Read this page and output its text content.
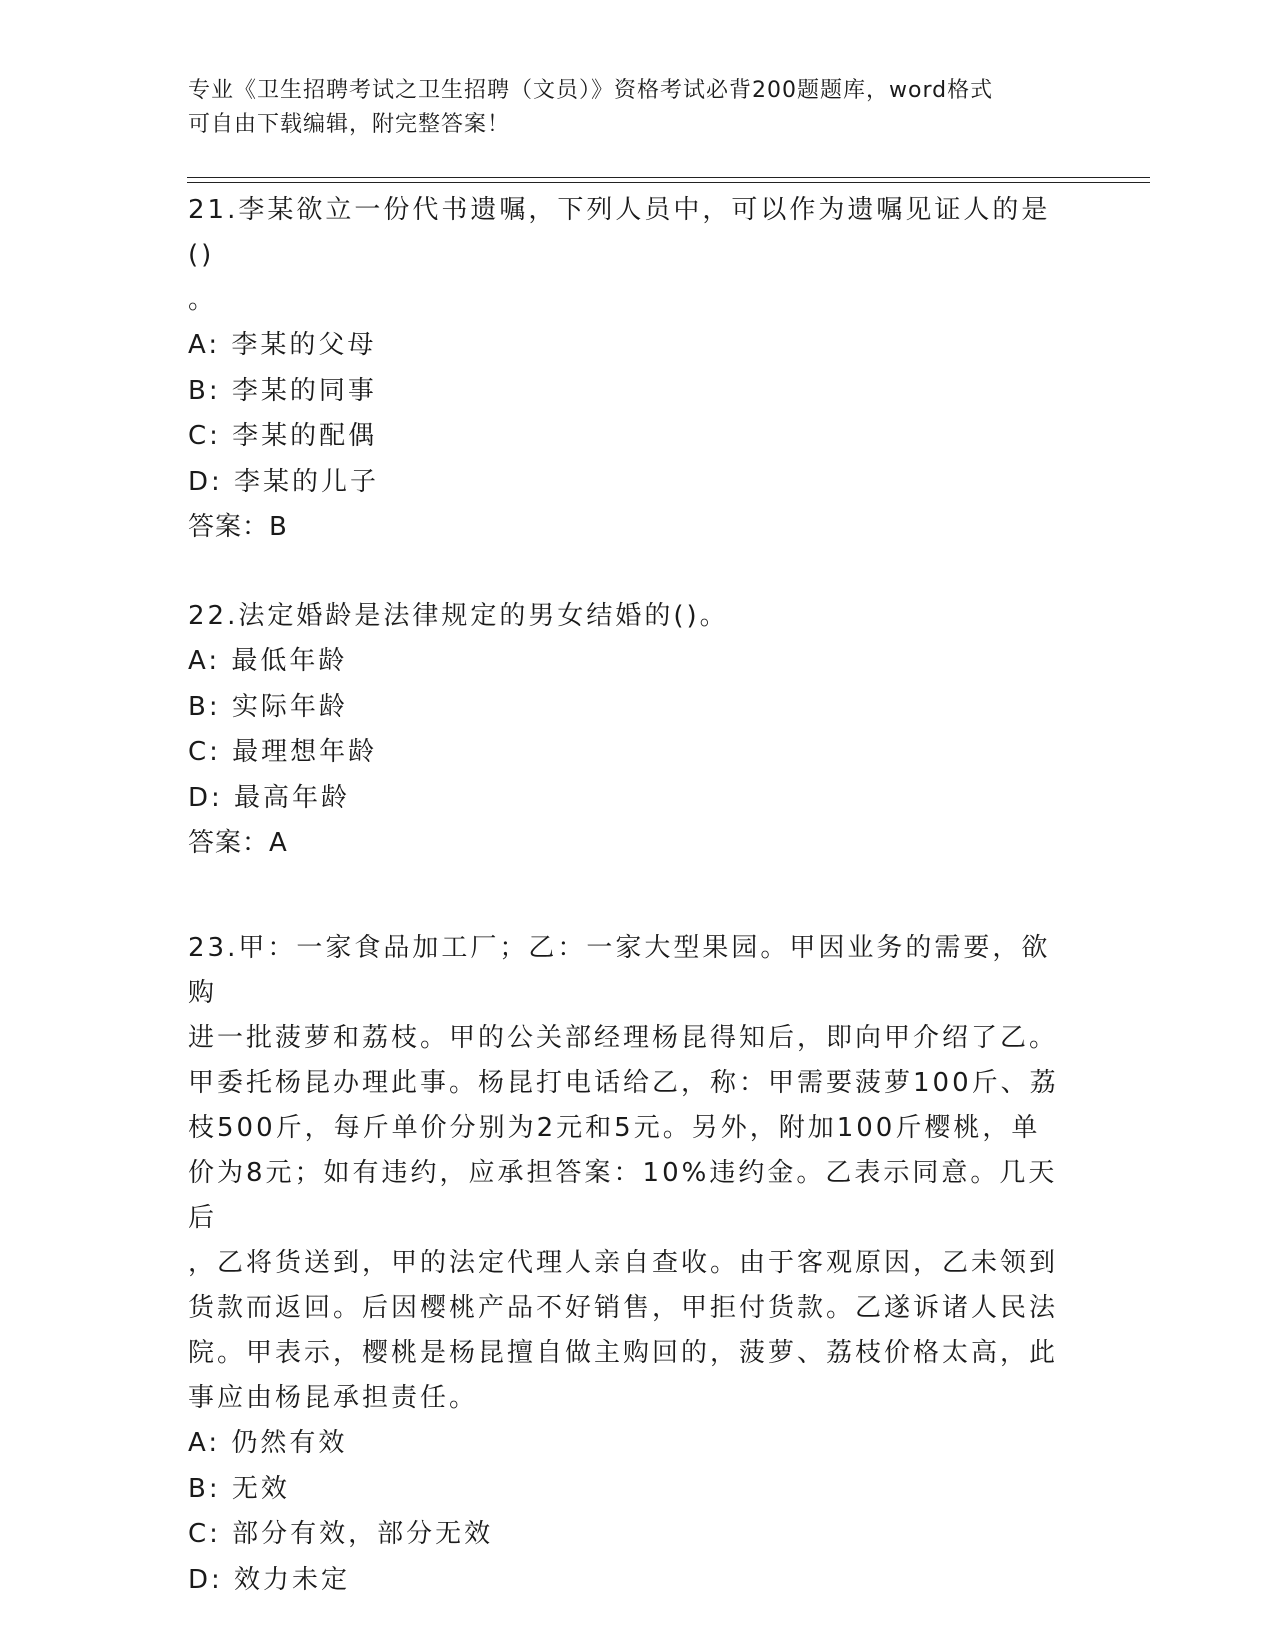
专业《卫生招聘考试之卫生招聘（文员）》资格考试必背200题题库，word格式
可自由下载编辑，附完整答案！

21.李某欲立一份代书遗嘱，下列人员中，可以作为遗嘱见证人的是()

。

A: 李某的父母

B: 李某的同事

C: 李某的配偶

D: 李某的儿子

答案：B

22.法定婚龄是法律规定的男女结婚的()。

A: 最低年龄

B: 实际年龄

C: 最理想年龄

D: 最高年龄

答案：A

23.甲：一家食品加工厂；乙：一家大型果园。甲因业务的需要，欲购

进一批菠萝和荔枝。甲的公关部经理杨昆得知后，即向甲介绍了乙。

甲委托杨昆办理此事。杨昆打电话给乙，称：甲需要菠萝100斤、荔

枝500斤，每斤单价分别为2元和5元。另外，附加100斤樱桃，单

价为8元；如有违约，应承担答案：10%违约金。乙表示同意。几天后

，乙将货送到，甲的法定代理人亲自查收。由于客观原因，乙未领到

货款而返回。后因樱桃产品不好销售，甲拒付货款。乙遂诉诸人民法

院。甲表示，樱桃是杨昆擅自做主购回的，菠萝、荔枝价格太高，此

事应由杨昆承担责任。

A: 仍然有效

B: 无效

C: 部分有效，部分无效

D: 效力未定
